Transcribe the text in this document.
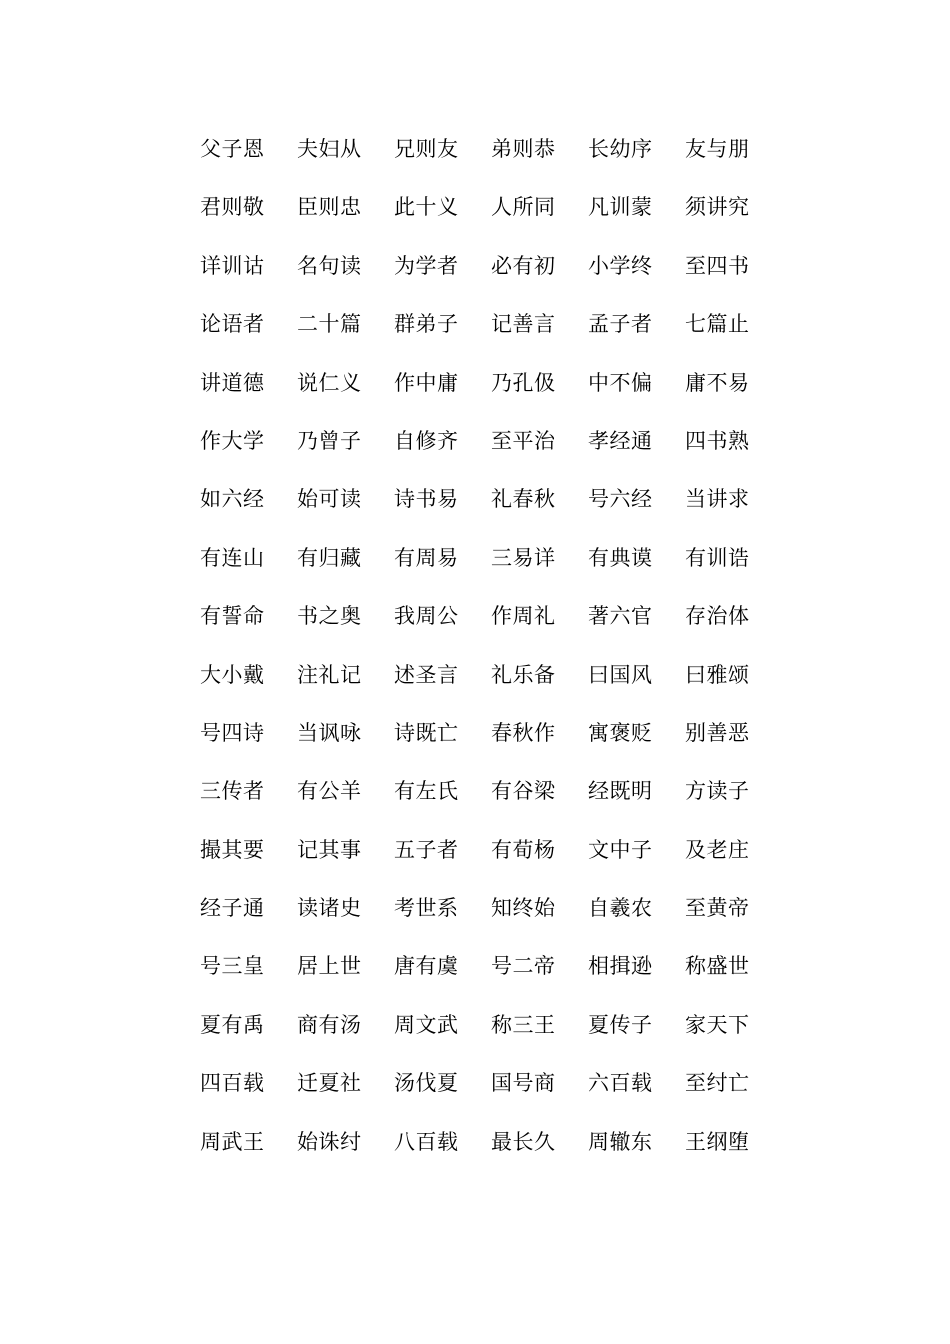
父子恩	夫妇从	兄则友	弟则恭	长幼序	友与朋
君则敬	臣则忠	此十义	人所同	凡训蒙	须讲究
详训诂	名句读	为学者	必有初	小学终	至四书
论语者	二十篇	群弟子	记善言	孟子者	七篇止
讲道德	说仁义	作中庸	乃孔伋	中不偏	庸不易
作大学	乃曾子	自修齐	至平治	孝经通	四书熟
如六经	始可读	诗书易	礼春秋	号六经	当讲求
有连山	有归藏	有周易	三易详	有典谟	有训诰
有誓命	书之奥	我周公	作周礼	著六官	存治体
大小戴	注礼记	述圣言	礼乐备	曰国风	曰雅颂
号四诗	当讽咏	诗既亡	春秋作	寓褒贬	别善恶
三传者	有公羊	有左氏	有谷梁	经既明	方读子
撮其要	记其事	五子者	有荀杨	文中子	及老庄
经子通	读诸史	考世系	知终始	自羲农	至黄帝
号三皇	居上世	唐有虞	号二帝	相揖逊	称盛世
夏有禹	商有汤	周文武	称三王	夏传子	家天下
四百载	迁夏社	汤伐夏	国号商	六百载	至纣亡
周武王	始诛纣	八百载	最长久	周辙东	王纲堕
